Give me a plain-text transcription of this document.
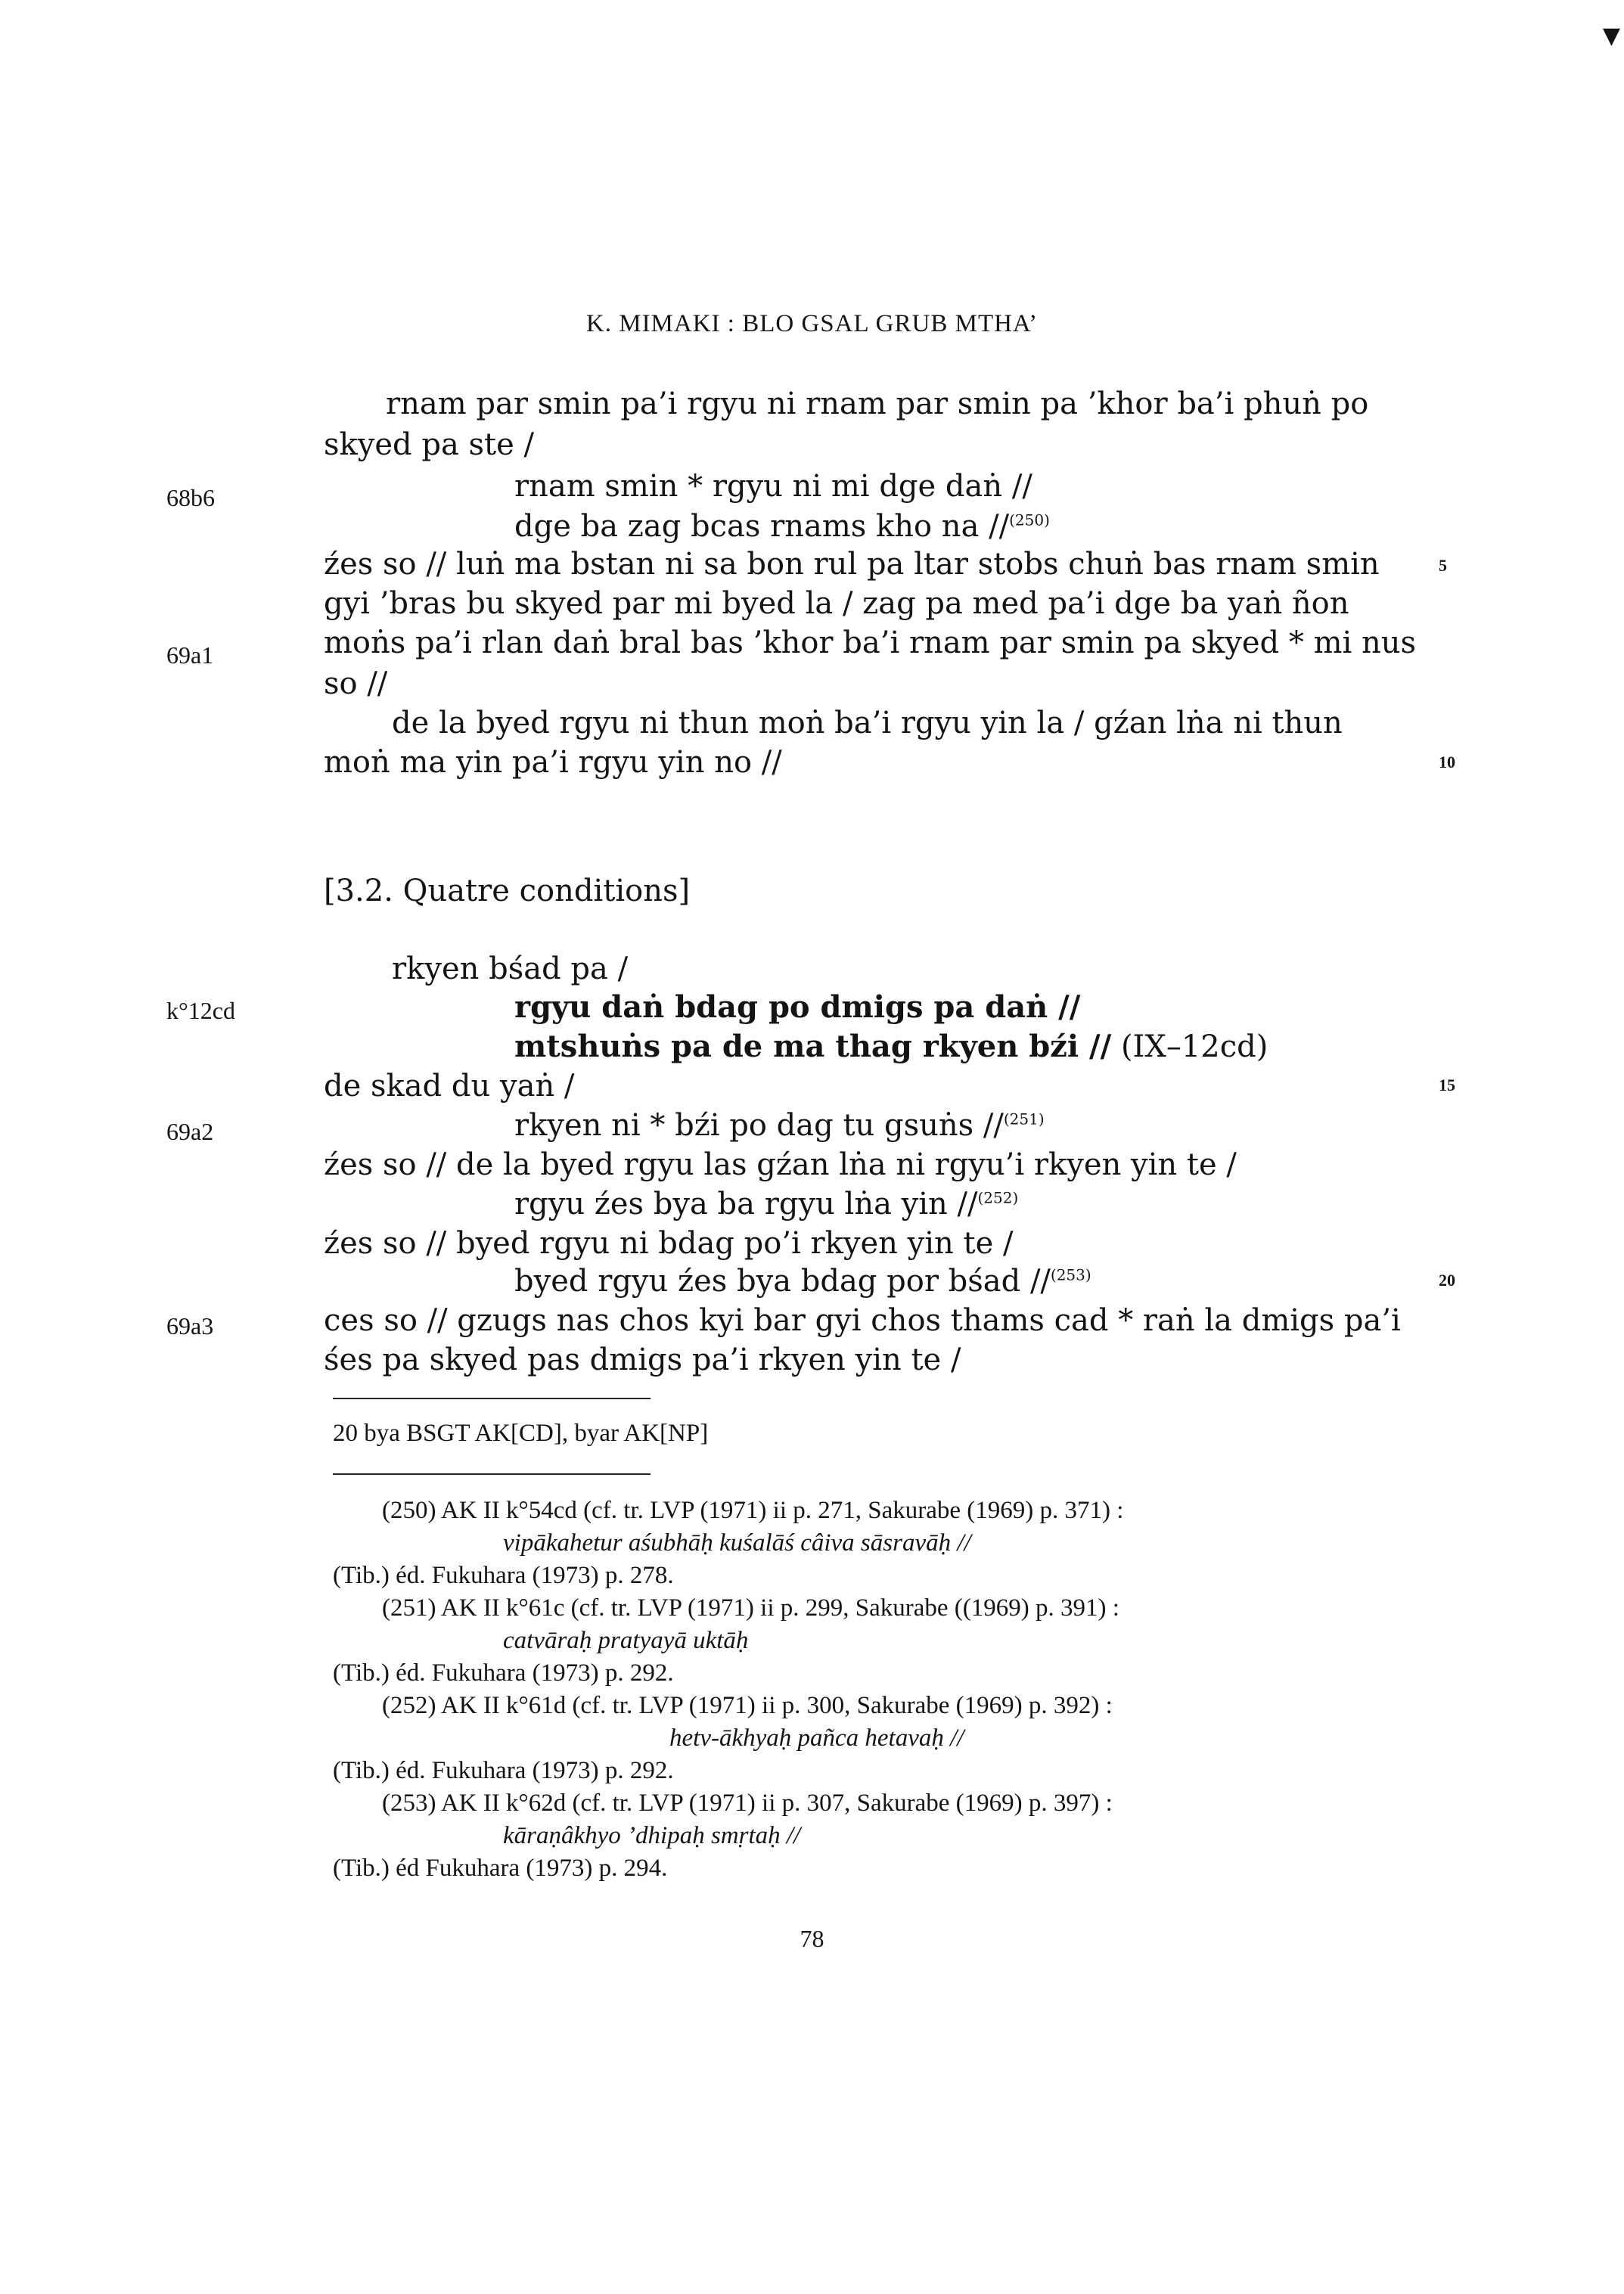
▼
K. MIMAKI : BLO GSAL GRUB MTHA’
rnam par smin pa’i rgyu ni rnam par smin pa ’khor ba’i phuṅ po
skyed pa ste /
rnam smin * rgyu ni mi dge daṅ //
dge ba zag bcas rnams kho na //$^{(250)}$
źes so // luṅ ma bstan ni sa bon rul pa ltar stobs chuṅ bas rnam smin
gyi ’bras bu skyed par mi byed la / zag pa med pa’i dge ba yaṅ ñon
moṅs pa’i rlan daṅ bral bas ’khor ba’i rnam par smin pa skyed * mi nus
so //
de la byed rgyu ni thun moṅ ba’i rgyu yin la / gźan lṅa ni thun
moṅ ma yin pa’i rgyu yin no //
[3.2. Quatre conditions]
rkyen bśad pa /
rgyu daṅ bdag po dmigs pa daṅ //
mtshuṅs pa de ma thag rkyen bźi // (IX–12cd)
de skad du yaṅ /
rkyen ni * bźi po dag tu gsuṅs //$^{(251)}$
źes so // de la byed rgyu las gźan lṅa ni rgyu’i rkyen yin te /
rgyu źes bya ba rgyu lṅa yin //$^{(252)}$
źes so // byed rgyu ni bdag po’i rkyen yin te /
byed rgyu źes bya bdag por bśad //$^{(253)}$
ces so // gzugs nas chos kyi bar gyi chos thams cad * raṅ la dmigs pa’i
śes pa skyed pas dmigs pa’i rkyen yin te /
68b6
69a1
k°12cd
69a2
69a3
5
10
15
20
20 bya BSGT AK[CD], byar AK[NP]
(250) AK II k°54cd (cf. tr. LVP (1971) ii p. 271, Sakurabe (1969) p. 371) :
vipākahetur aśubhāḥ kuśalāś câiva sāsravāḥ //
(Tib.) éd. Fukuhara (1973) p. 278.
(251) AK II k°61c (cf. tr. LVP (1971) ii p. 299, Sakurabe ((1969) p. 391) :
catvāraḥ pratyayā uktāḥ
(Tib.) éd. Fukuhara (1973) p. 292.
(252) AK II k°61d (cf. tr. LVP (1971) ii p. 300, Sakurabe (1969) p. 392) :
hetv-ākhyaḥ pañca hetavaḥ //
(Tib.) éd. Fukuhara (1973) p. 292.
(253) AK II k°62d (cf. tr. LVP (1971) ii p. 307, Sakurabe (1969) p. 397) :
kāraṇâkhyo ’dhipaḥ smṛtaḥ //
(Tib.) éd Fukuhara (1973) p. 294.
78
